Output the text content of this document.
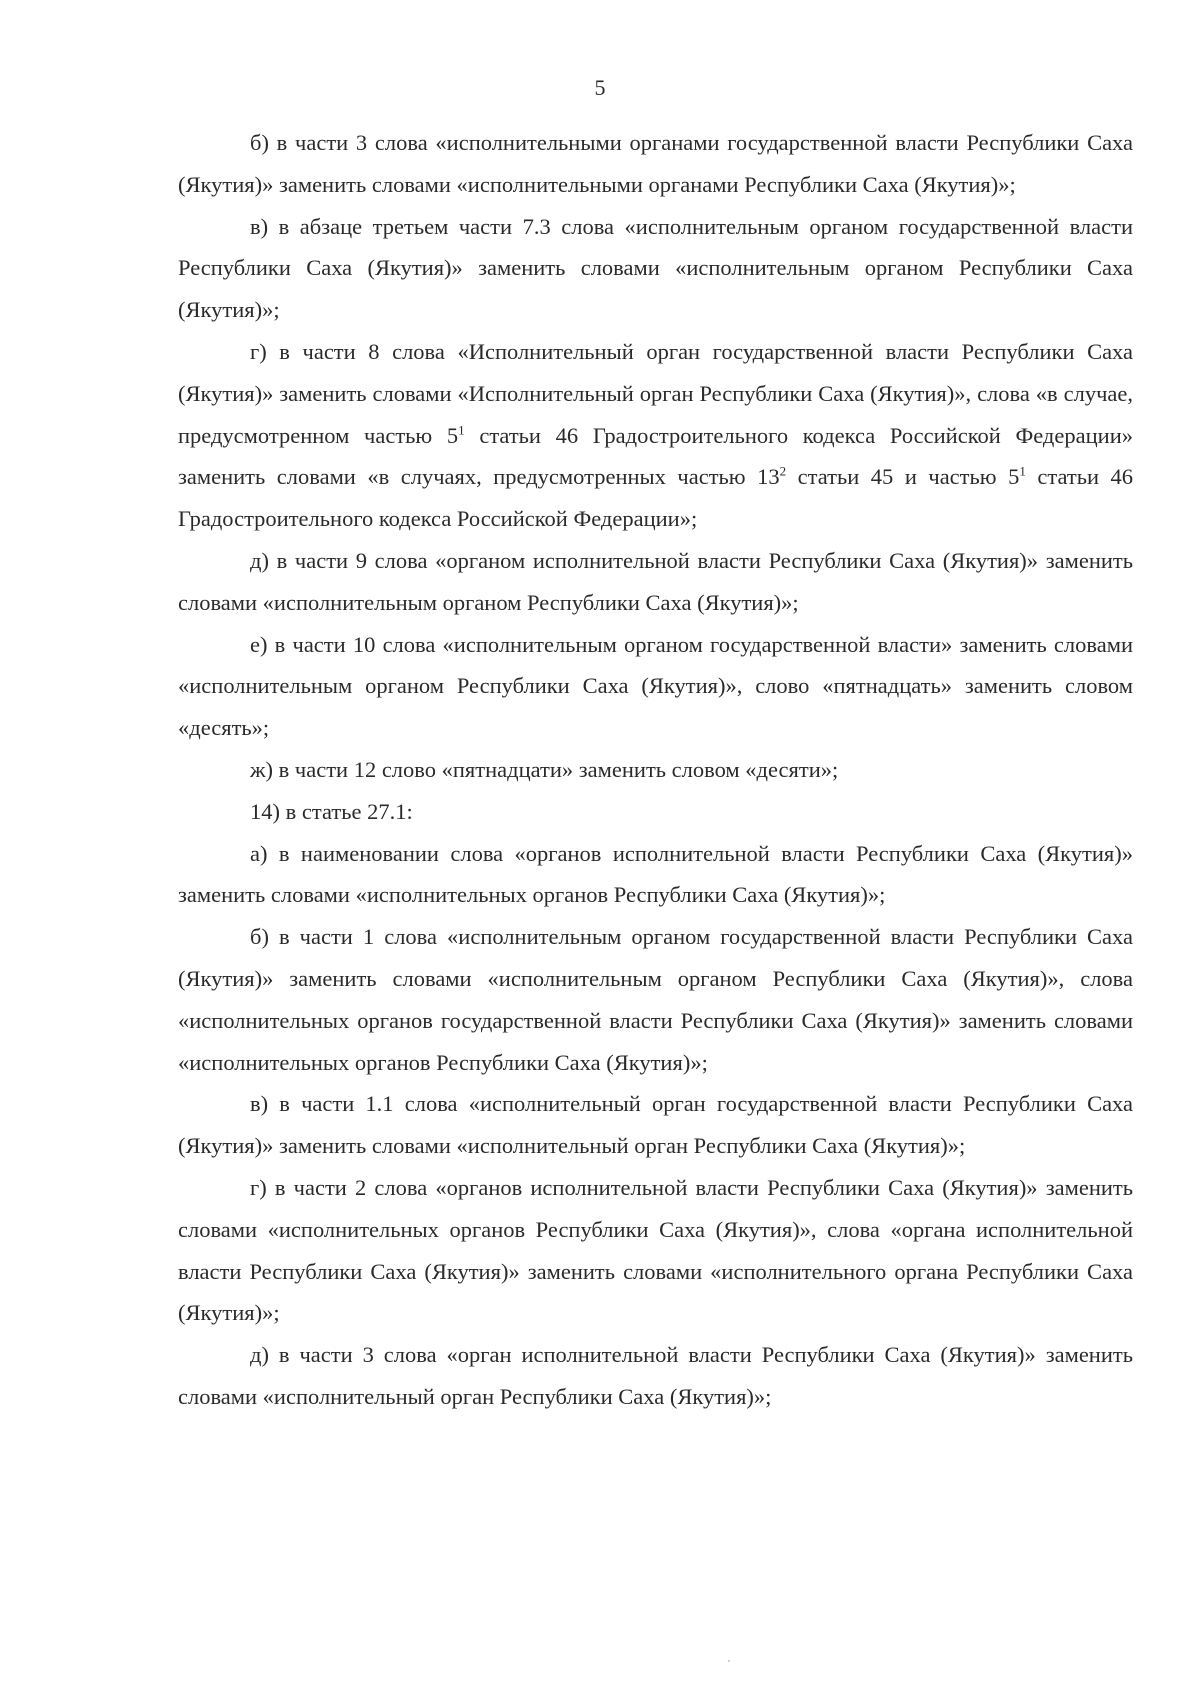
5

б) в части 3 слова «исполнительными органами государственной власти Республики Саха (Якутия)» заменить словами «исполнительными органами Республики Саха (Якутия)»;

в) в абзаце третьем части 7.3 слова «исполнительным органом государственной власти Республики Саха (Якутия)» заменить словами «исполнительным органом Республики Саха (Якутия)»;

г) в части 8 слова «Исполнительный орган государственной власти Республики Саха (Якутия)» заменить словами «Исполнительный орган Республики Саха (Якутия)», слова «в случае, предусмотренном частью $5^1$ статьи 46 Градостроительного кодекса Российской Федерации» заменить словами «в случаях, предусмотренных частью $13^2$ статьи 45 и частью $5^1$ статьи 46 Градостроительного кодекса Российской Федерации»;

д) в части 9 слова «органом исполнительной власти Республики Саха (Якутия)» заменить словами «исполнительным органом Республики Саха (Якутия)»;

е) в части 10 слова «исполнительным органом государственной власти» заменить словами «исполнительным органом Республики Саха (Якутия)», слово «пятнадцать» заменить словом «десять»;

ж) в части 12 слово «пятнадцати» заменить словом «десяти»;

14) в статье 27.1:

а) в наименовании слова «органов исполнительной власти Республики Саха (Якутия)» заменить словами «исполнительных органов Республики Саха (Якутия)»;

б) в части 1 слова «исполнительным органом государственной власти Республики Саха (Якутия)» заменить словами «исполнительным органом Республики Саха (Якутия)», слова «исполнительных органов государственной власти Республики Саха (Якутия)» заменить словами «исполнительных органов Республики Саха (Якутия)»;

в) в части 1.1 слова «исполнительный орган государственной власти Республики Саха (Якутия)» заменить словами «исполнительный орган Республики Саха (Якутия)»;

г) в части 2 слова «органов исполнительной власти Республики Саха (Якутия)» заменить словами «исполнительных органов Республики Саха (Якутия)», слова «органа исполнительной власти Республики Саха (Якутия)» заменить словами «исполнительного органа Республики Саха (Якутия)»;

д) в части 3 слова «орган исполнительной власти Республики Саха (Якутия)» заменить словами «исполнительный орган Республики Саха (Якутия)»;
